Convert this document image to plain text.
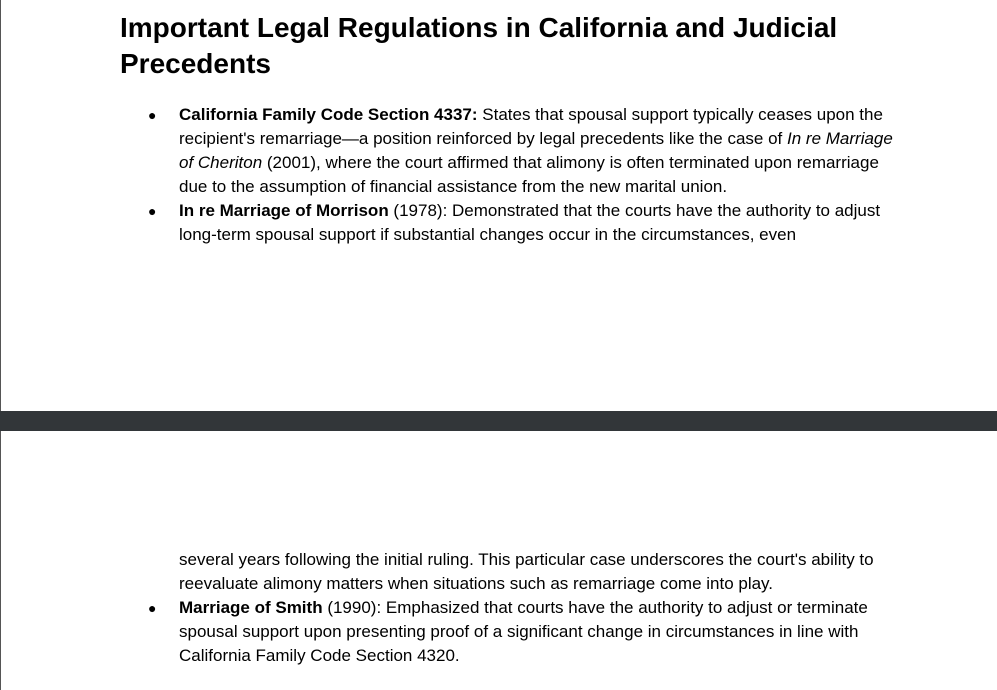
Important Legal Regulations in California and Judicial Precedents
● California Family Code Section 4337: States that spousal support typically ceases upon the recipient's remarriage—a position reinforced by legal precedents like the case of In re Marriage of Cheriton (2001), where the court affirmed that alimony is often terminated upon remarriage due to the assumption of financial assistance from the new marital union.
● In re Marriage of Morrison (1978): Demonstrated that the courts have the authority to adjust long-term spousal support if substantial changes occur in the circumstances, even
several years following the initial ruling. This particular case underscores the court's ability to reevaluate alimony matters when situations such as remarriage come into play.
● Marriage of Smith (1990): Emphasized that courts have the authority to adjust or terminate spousal support upon presenting proof of a significant change in circumstances in line with California Family Code Section 4320.
